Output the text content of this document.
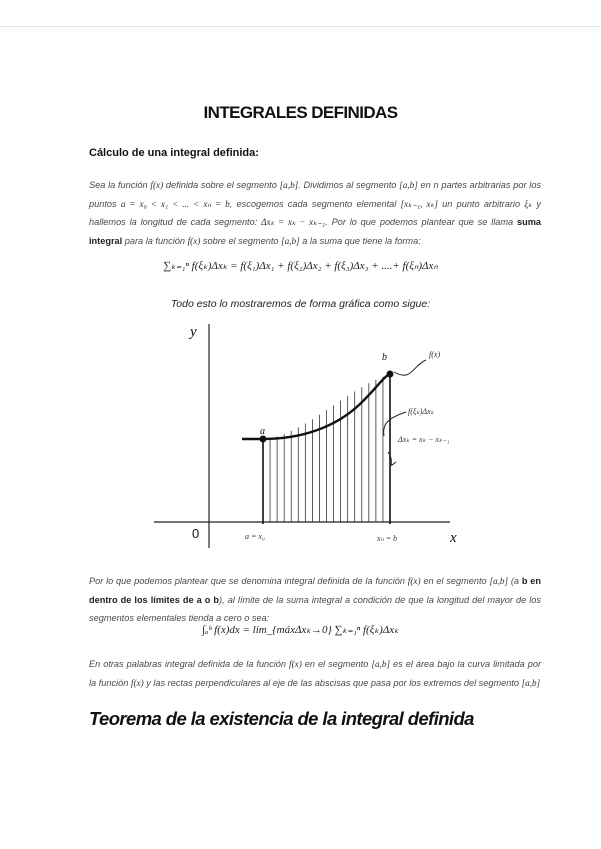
INTEGRALES DEFINIDAS
Cálculo de una integral definida:
Sea la función f(x) definida sobre el segmento [a,b]. Dividimos al segmento [a,b] en n partes arbitrarias por los puntos a = x₀ < x₁ < ... < xₙ = b, escogemos cada segmento elemental [xₖ₋₁, xₖ] un punto arbitrario ξₖ y hallemos la longitud de cada segmento: Δxₖ = xₖ − xₖ₋₁. Por lo que podemos plantear que se llama suma integral para la función f(x) sobre el segmento [a,b] a la suma que tiene la forma:
∑ₖ₌₁ⁿ f(ξₖ)Δxₖ = f(ξ₁)Δx₁ + f(ξ₂)Δx₂ + f(ξ₃)Δx₃ + ....+ f(ξₙ)Δxₙ
Todo esto lo mostraremos de forma gráfica como sigue:
y
x
0
a
b	f(x)
f(ξₖ)Δxₖ
Δxₖ = xₖ − xₖ₋₁
a = x₀	xₙ = b
Por lo que podemos plantear que se denomina integral definida de la función f(x) en el segmento [a,b] (a b en dentro de los límites de a o b), al límite de la suma integral a condición de que la longitud del mayor de los segmentos elementales tienda a cero o sea:
∫ₐᵇ f(x)dx = lim_{máxΔxₖ→0} ∑ₖ₌₁ⁿ f(ξₖ)Δxₖ
En otras palabras integral definida de la función f(x) en el segmento [a,b] es el área bajo la curva limitada por la función f(x) y las rectas perpendiculares al eje de las abscisas que pasa por los extremos del segmento [a,b]
Teorema de la existencia de la integral definida
